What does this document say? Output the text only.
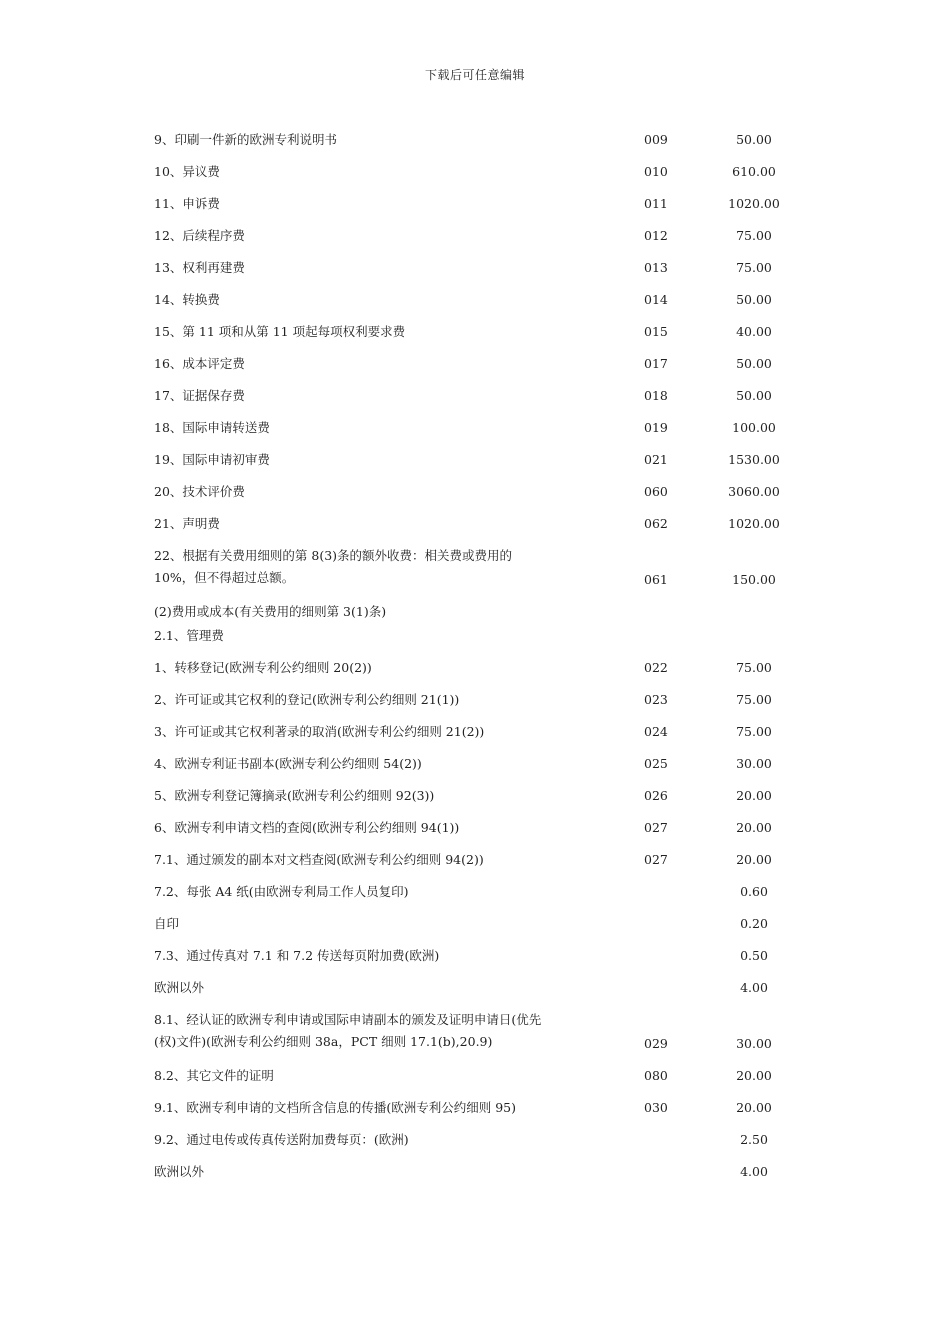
下载后可任意编辑
9、印刷一件新的欧洲专利说明书	009	50.00
10、异议费	010	610.00
11、申诉费	011	1020.00
12、后续程序费	012	75.00
13、权利再建费	013	75.00
14、转换费	014	50.00
15、第 11 项和从第 11 项起每项权利要求费	015	40.00
16、成本评定费	017	50.00
17、证据保存费	018	50.00
18、国际申请转送费	019	100.00
19、国际申请初审费	021	1530.00
20、技术评价费	060	3060.00
21、声明费	062	1020.00
22、根据有关费用细则的第 8(3)条的额外收费：相关费或费用的
10%，但不得超过总额。	061	150.00
(2)费用或成本(有关费用的细则第 3(1)条)
2.1、管理费
1、转移登记(欧洲专利公约细则 20(2))	022	75.00
2、许可证或其它权利的登记(欧洲专利公约细则 21(1))	023	75.00
3、许可证或其它权利著录的取消(欧洲专利公约细则 21(2))	024	75.00
4、欧洲专利证书副本(欧洲专利公约细则 54(2))	025	30.00
5、欧洲专利登记簿摘录(欧洲专利公约细则 92(3))	026	20.00
6、欧洲专利申请文档的查阅(欧洲专利公约细则 94(1))	027	20.00
7.1、通过颁发的副本对文档查阅(欧洲专利公约细则 94(2))	027	20.00
7.2、每张 A4 纸(由欧洲专利局工作人员复印)	0.60
自印	0.20
7.3、通过传真对 7.1 和 7.2 传送每页附加费(欧洲)	0.50
欧洲以外	4.00
8.1、经认证的欧洲专利申请或国际申请副本的颁发及证明申请日(优先
(权)文件)(欧洲专利公约细则 38a，PCT 细则 17.1(b),20.9)	029	30.00
8.2、其它文件的证明	080	20.00
9.1、欧洲专利申请的文档所含信息的传播(欧洲专利公约细则 95)	030	20.00
9.2、通过电传或传真传送附加费每页：(欧洲)	2.50
欧洲以外	4.00
